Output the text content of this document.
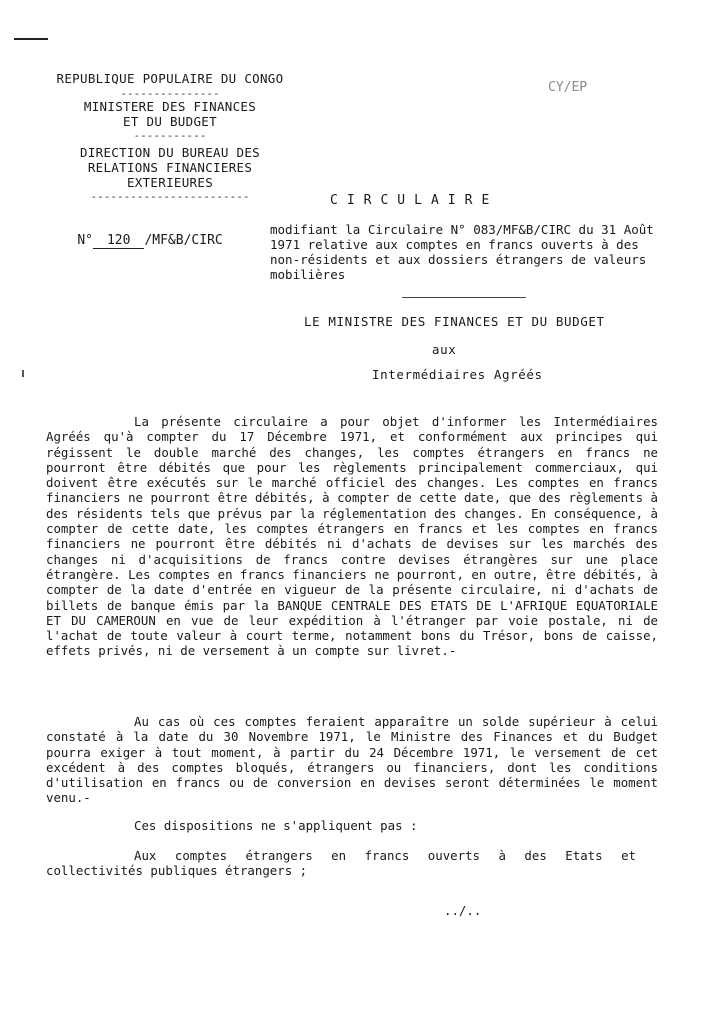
REPUBLIQUE POPULAIRE DU CONGO
---------------
MINISTERE DES FINANCES
ET DU BUDGET
-----------
DIRECTION DU BUREAU DES
RELATIONS FINANCIERES
EXTERIEURES
------------------------
CY/EP
CIRCULAIRE

N° 120 /MF&B/CIRC

modifiant la Circulaire N° 083/MF&B/CIRC du 31 Août 1971 relative aux comptes en francs ouverts à des non-résidents et aux dossiers étrangers de valeurs mobilières
LE MINISTRE DES FINANCES ET DU BUDGET
aux
Intermédiaires Agréés

La présente circulaire a pour objet d'informer les Intermédiaires Agréés qu'à compter du 17 Décembre 1971, et conformément aux principes qui régissent le double marché des changes, les comptes étrangers en francs ne pourront être débités que pour les règlements principalement commerciaux, qui doivent être exécutés sur le marché officiel des changes. Les comptes en francs financiers ne pourront être débités, à compter de cette date, que des règlements à des résidents tels que prévus par la réglementation des changes. En conséquence, à compter de cette date, les comptes étrangers en francs et les comptes en francs financiers ne pourront être débités ni d'achats de devises sur les marchés des changes ni d'acquisitions de francs contre devises étrangères sur une place étrangère. Les comptes en francs financiers ne pourront, en outre, être débités, à compter de la date d'entrée en vigueur de la présente circulaire, ni d'achats de billets de banque émis par la BANQUE CENTRALE DES ETATS DE L'AFRIQUE EQUATORIALE ET DU CAMEROUN en vue de leur expédition à l'étranger par voie postale, ni de l'achat de toute valeur à court terme, notamment bons du Trésor, bons de caisse, effets privés, ni de versement à un compte sur livret.-

Au cas où ces comptes feraient apparaître un solde supérieur à celui constaté à la date du 30 Novembre 1971, le Ministre des Finances et du Budget pourra exiger à tout moment, à partir du 24 Décembre 1971, le versement de cet excédent à des comptes bloqués, étrangers ou financiers, dont les conditions d'utilisation en francs ou de conversion en devises seront déterminées le moment venu.-

Ces dispositions ne s'appliquent pas :

Aux comptes étrangers en francs ouverts à des Etats et collectivités publiques étrangers ;

../..
